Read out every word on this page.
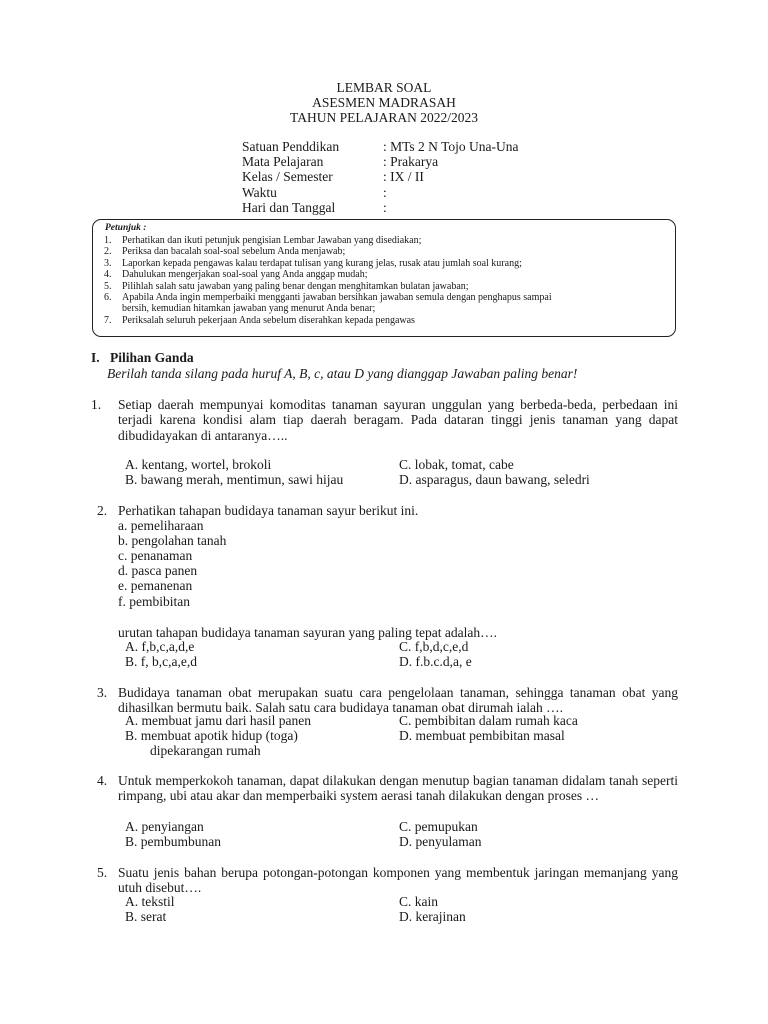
LEMBAR SOAL
ASESMEN MADRASAH
TAHUN PELAJARAN 2022/2023
Satuan Penddikan	: MTs 2 N Tojo Una-Una
Mata Pelajaran	: Prakarya
Kelas / Semester	: IX / II
Waktu	:
Hari dan Tanggal	:
Petunjuk :
1. Perhatikan dan ikuti petunjuk pengisian Lembar Jawaban yang disediakan;
2. Periksa dan bacalah soal-soal sebelum Anda menjawab;
3. Laporkan kepada pengawas kalau terdapat tulisan yang kurang jelas, rusak atau jumlah soal kurang;
4. Dahulukan mengerjakan soal-soal yang Anda anggap mudah;
5. Pilihlah salah satu jawaban yang paling benar dengan menghitamkan bulatan jawaban;
6. Apabila Anda ingin memperbaiki mengganti jawaban bersihkan jawaban semula dengan penghapus sampai
bersih, kemudian hitamkan jawaban yang menurut Anda benar;
7. Periksalah seluruh pekerjaan Anda sebelum diserahkan kepada pengawas
I. Pilihan Ganda
Berilah tanda silang pada huruf A, B, c, atau D yang dianggap Jawaban paling benar!
1. Setiap daerah mempunyai komoditas tanaman sayuran unggulan yang berbeda-beda, perbedaan ini terjadi karena kondisi alam tiap daerah beragam. Pada dataran tinggi jenis tanaman yang dapat dibudidayakan di antaranya…..
A. kentang, wortel, brokoli	C. lobak, tomat, cabe
B. bawang merah, mentimun, sawi hijau	D. asparagus, daun bawang, seledri
2. Perhatikan tahapan budidaya tanaman sayur berikut ini.
a. pemeliharaan
b. pengolahan tanah
c. penanaman
d. pasca panen
e. pemanenan
f. pembibitan
urutan tahapan budidaya tanaman sayuran yang paling tepat adalah….
A. f,b,c,a,d,e	C. f,b,d,c,e,d
B. f, b,c,a,e,d	D. f.b.c.d,a, e
3. Budidaya tanaman obat merupakan suatu cara pengelolaan tanaman, sehingga tanaman obat yang dihasilkan bermutu baik. Salah satu cara budidaya tanaman obat dirumah ialah ….
A. membuat jamu dari hasil panen	C. pembibitan dalam rumah kaca
B. membuat apotik hidup (toga)	D. membuat pembibitan masal
dipekarangan rumah
4. Untuk memperkokoh tanaman, dapat dilakukan dengan menutup bagian tanaman didalam tanah seperti rimpang, ubi atau akar dan memperbaiki system aerasi tanah dilakukan dengan proses …
A. penyiangan	C. pemupukan
B. pembumbunan	D. penyulaman
5. Suatu jenis bahan berupa potongan-potongan komponen yang membentuk jaringan memanjang yang utuh disebut….
A. tekstil	C. kain
B. serat	D. kerajinan
